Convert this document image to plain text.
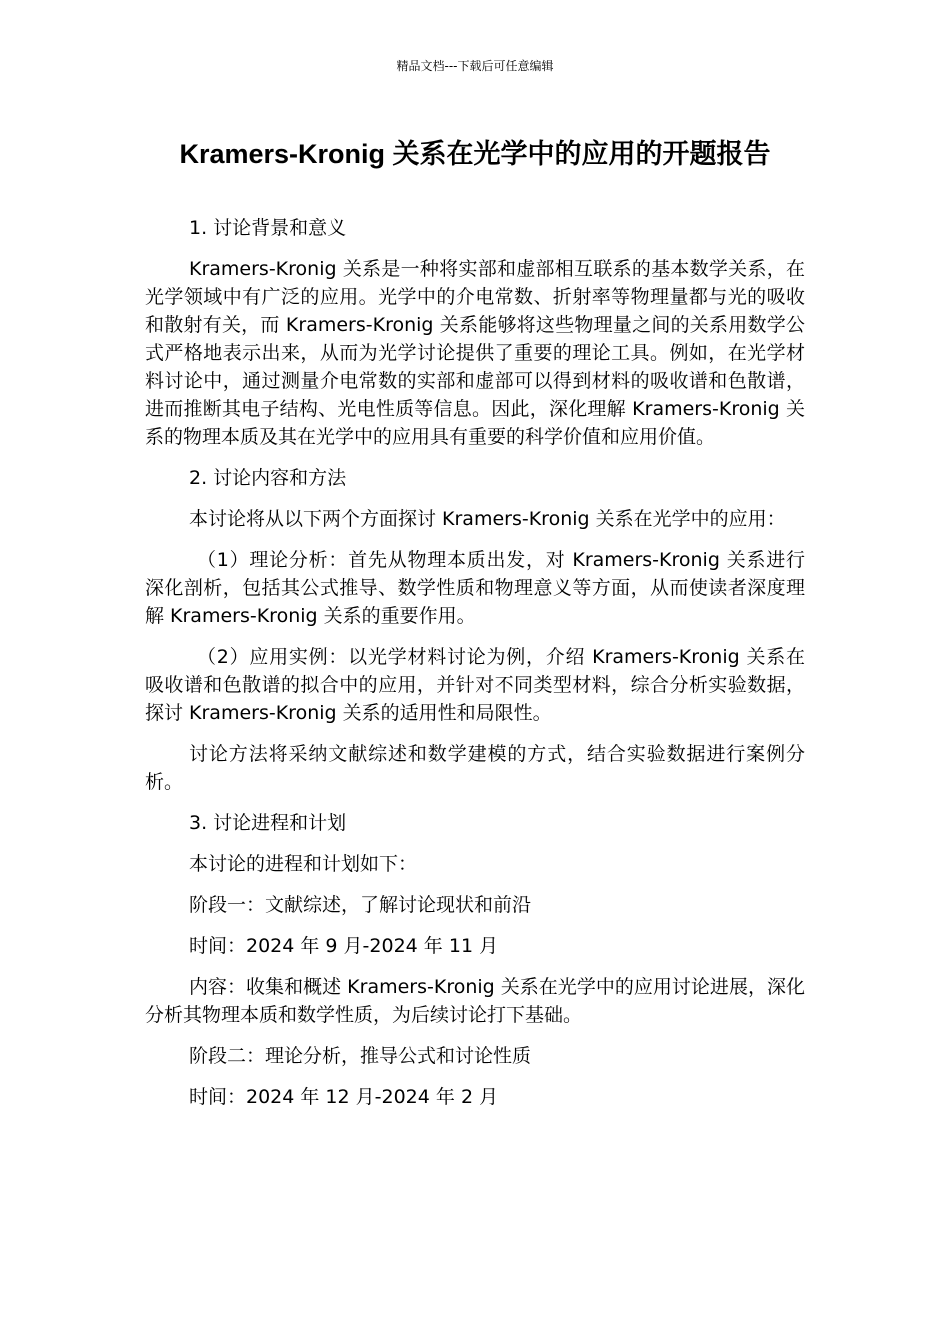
精品文档---下载后可任意编辑
Kramers-Kronig 关系在光学中的应用的开题报告

1. 讨论背景和意义

Kramers-Kronig 关系是一种将实部和虚部相互联系的基本数学关系，在光学领域中有广泛的应用。光学中的介电常数、折射率等物理量都与光的吸收和散射有关，而 Kramers-Kronig 关系能够将这些物理量之间的关系用数学公式严格地表示出来，从而为光学讨论提供了重要的理论工具。例如，在光学材料讨论中，通过测量介电常数的实部和虚部可以得到材料的吸收谱和色散谱，进而推断其电子结构、光电性质等信息。因此，深化理解 Kramers-Kronig 关系的物理本质及其在光学中的应用具有重要的科学价值和应用价值。

2. 讨论内容和方法

本讨论将从以下两个方面探讨 Kramers-Kronig 关系在光学中的应用：

（1）理论分析：首先从物理本质出发，对 Kramers-Kronig 关系进行深化剖析，包括其公式推导、数学性质和物理意义等方面，从而使读者深度理解 Kramers-Kronig 关系的重要作用。

（2）应用实例：以光学材料讨论为例，介绍 Kramers-Kronig 关系在吸收谱和色散谱的拟合中的应用，并针对不同类型材料，综合分析实验数据，探讨 Kramers-Kronig 关系的适用性和局限性。

讨论方法将采纳文献综述和数学建模的方式，结合实验数据进行案例分析。

3. 讨论进程和计划

本讨论的进程和计划如下：

阶段一：文献综述，了解讨论现状和前沿

时间：2024 年 9 月-2024 年 11 月

内容：收集和概述 Kramers-Kronig 关系在光学中的应用讨论进展，深化分析其物理本质和数学性质，为后续讨论打下基础。

阶段二：理论分析，推导公式和讨论性质

时间：2024 年 12 月-2024 年 2 月
